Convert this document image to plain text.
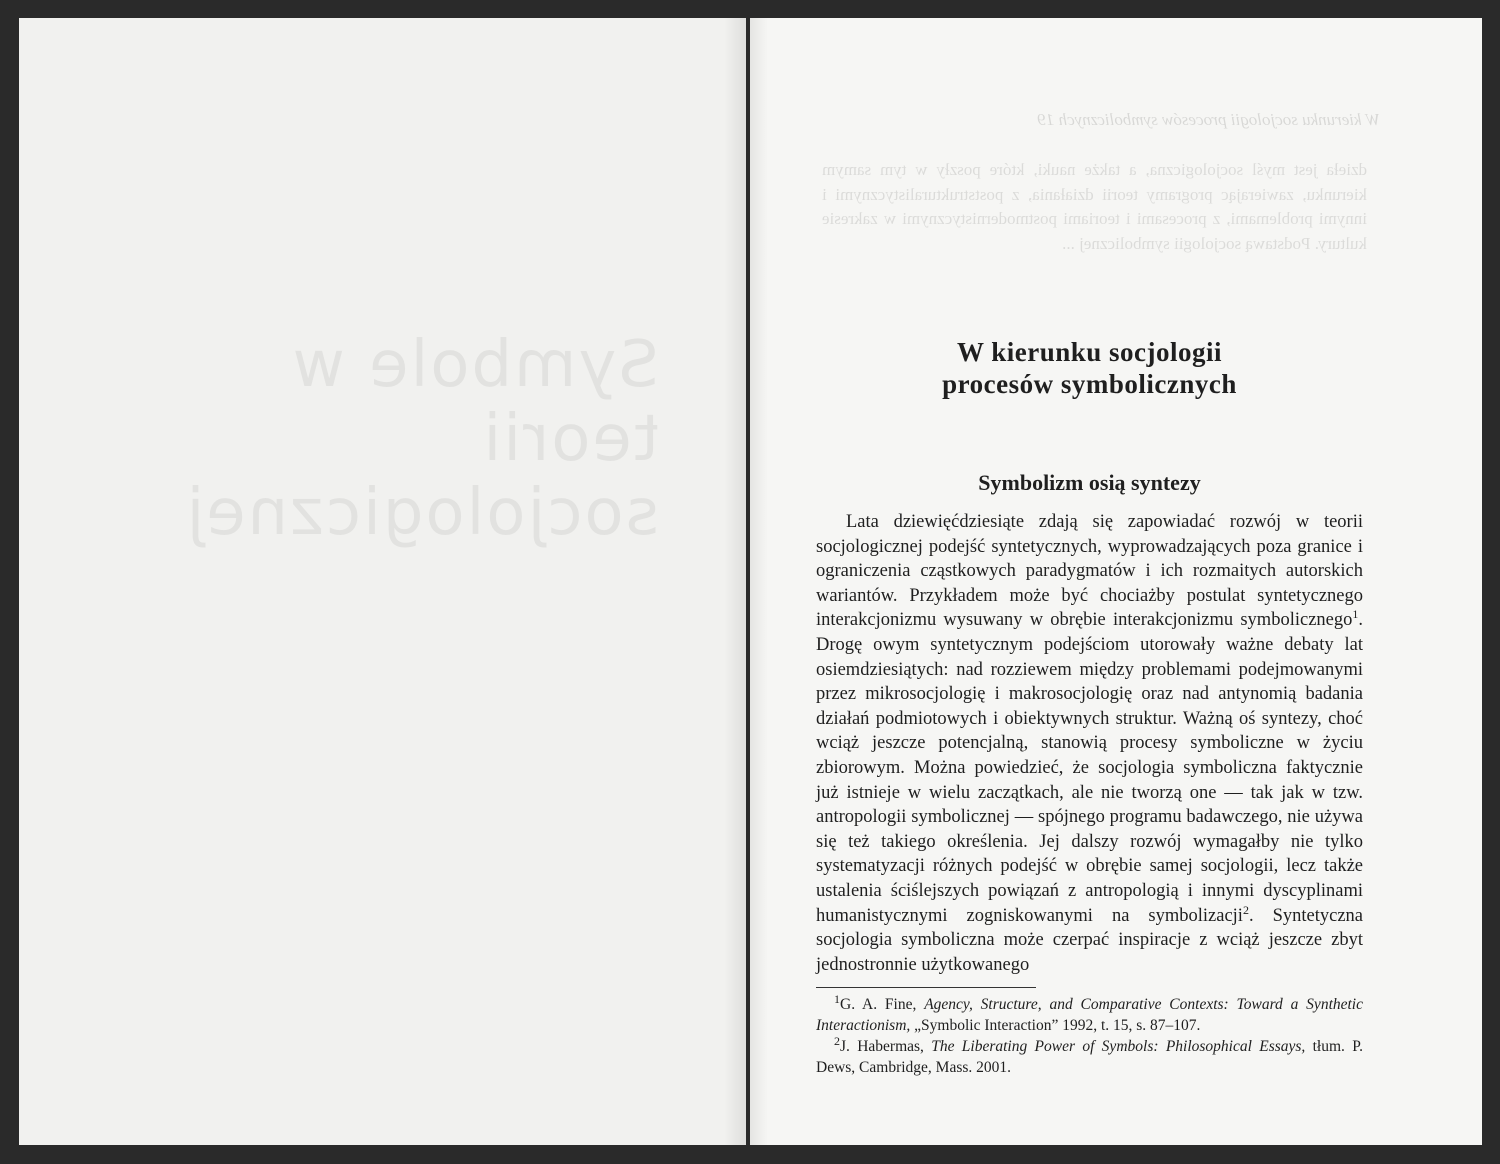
Symbole w teorii socjologicznej
W kierunku socjologii procesów symbolicznych 19
dzieła jest myśl socjologiczna, a także nauki, które poszły w tym samym kierunku, zawierając programy teorii działania, z poststrukturalistycznymi i innymi problemami, z procesami i teoriami postmodernistycznymi w zakresie kultury. Podstawą socjologii symbolicznej ...
W kierunku socjologii
procesów symbolicznych
Symbolizm osią syntezy

Lata dziewięćdziesiąte zdają się zapowiadać rozwój w teorii socjologicznej podejść syntetycznych, wyprowadzających poza granice i ograniczenia cząstkowych paradygmatów i ich rozmaitych autorskich wariantów. Przykładem może być chociażby postulat syntetycznego interakcjonizmu wysuwany w obrębie interakcjonizmu symbolicznego$^1$. Drogę owym syntetycznym podejściom utorowały ważne debaty lat osiemdziesiątych: nad rozziewem między problemami podejmowanymi przez mikrosocjologię i makrosocjologię oraz nad antynomią badania działań podmiotowych i obiektywnych struktur. Ważną oś syntezy, choć wciąż jeszcze potencjalną, stanowią procesy symboliczne w życiu zbiorowym. Można powiedzieć, że socjologia symboliczna faktycznie już istnieje w wielu zaczątkach, ale nie tworzą one — tak jak w tzw. antropologii symbolicznej — spójnego programu badawczego, nie używa się też takiego określenia. Jej dalszy rozwój wymagałby nie tylko systematyzacji różnych podejść w obrębie samej socjologii, lecz także ustalenia ściślejszych powiązań z antropologią i innymi dyscyplinami humanistycznymi zogniskowanymi na symbolizacji$^2$. Syntetyczna socjologia symboliczna może czerpać inspiracje z wciąż jeszcze zbyt jednostronnie użytkowanego

$^1$G. A. Fine, Agency, Structure, and Comparative Contexts: Toward a Synthetic Interactionism, „Symbolic Interaction” 1992, t. 15, s. 87–107.

$^2$J. Habermas, The Liberating Power of Symbols: Philosophical Essays, tłum. P. Dews, Cambridge, Mass. 2001.
